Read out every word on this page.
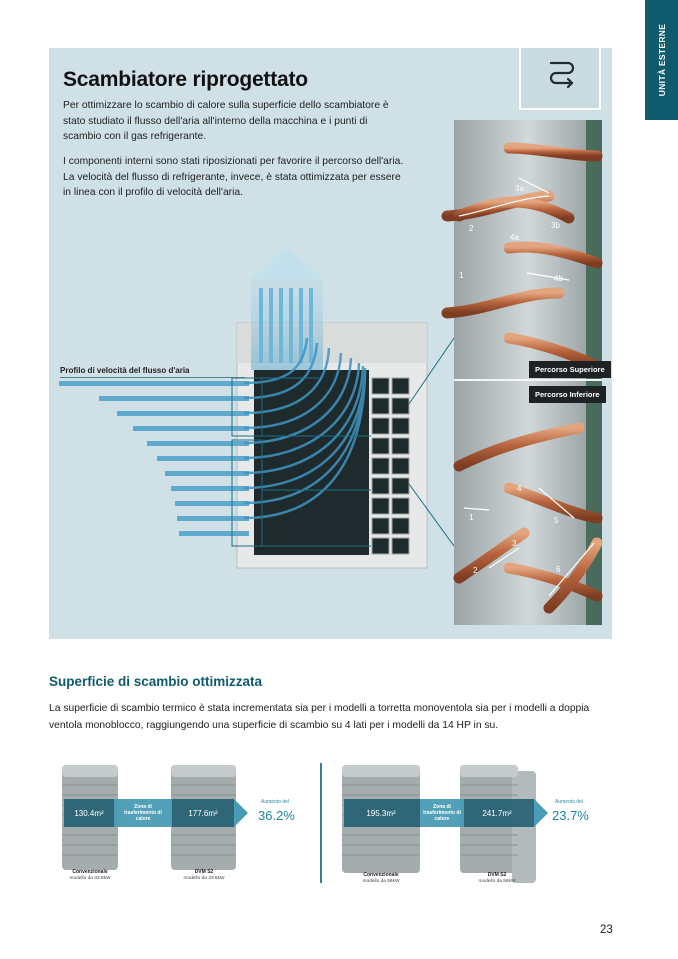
UNITÀ ESTERNE
Scambiatore riprogettato

Per ottimizzare lo scambio di calore sulla superficie dello scambiatore è stato studiato il flusso dell'aria all'interno della macchina e i punti di scambio con il gas refrigerante.

I componenti interni sono stati riposizionati per favorire il percorso dell'aria. La velocità del flusso di refrigerante, invece, è stata ottimizzata per essere in linea con il profilo di velocità dell'aria.	3a
3b
2
4a
4b
1
4
5
1
3
2	6
Profilo di velocità del flusso d'aria	Percorso Superiore
Percorso Inferiore
Superficie di scambio ottimizzata

La superficie di scambio termico è stata incrementata sia per i modelli a torretta monoventola sia per i modelli a doppia ventola monoblocco, raggiungendo una superficie di scambio su 4 lati per i modelli da 14 HP in su.

130.4m²
Zona di trasferimento di calore
177.6m²
Aumento del
36.2%
Convenzionale
modello da 33.6kW
DVM S2
modello da 33.6kW
195.3m²
Zona di trasferimento di calore
241.7m²
Aumento del
23.7%
Convenzionale
modello da 56kW
DVM S2
modello da 56kW
23
